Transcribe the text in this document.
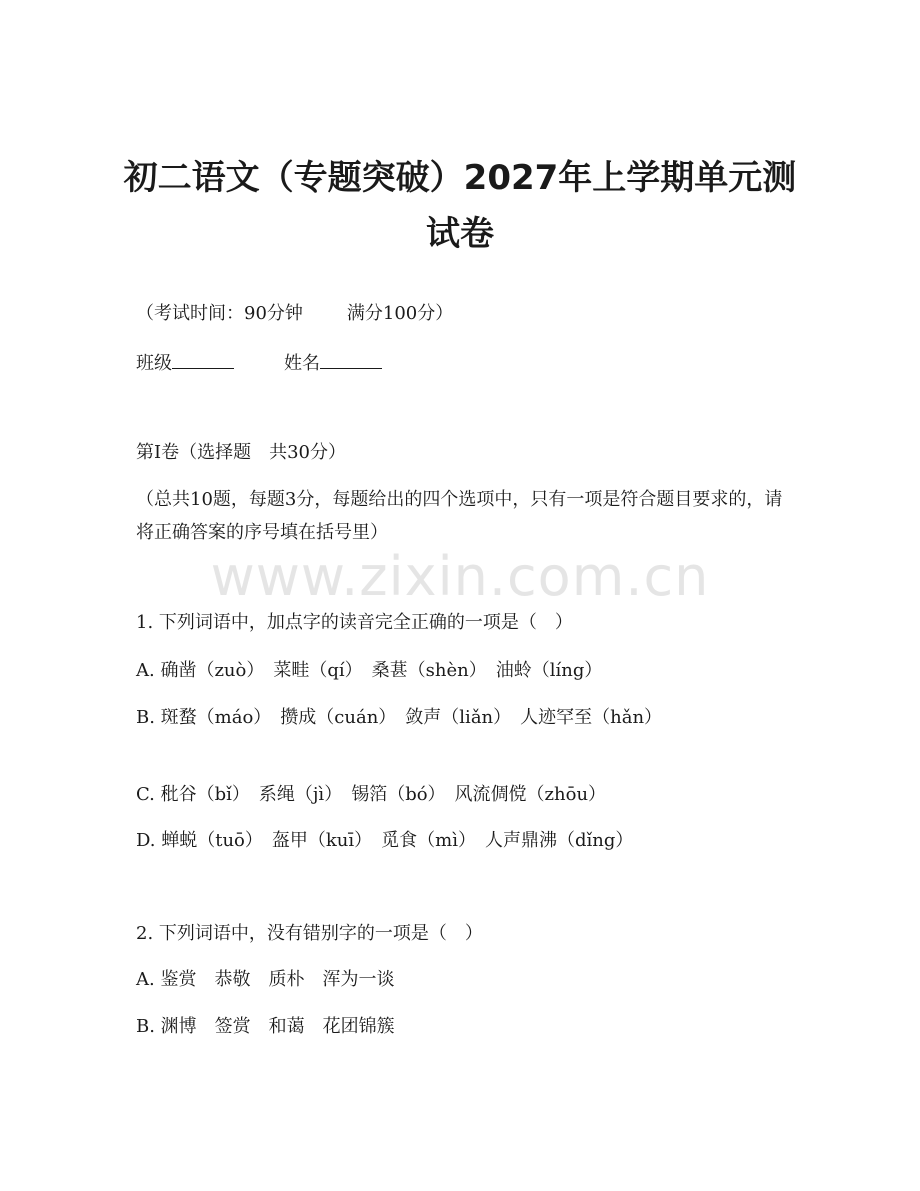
初二语文（专题突破）2027年上学期单元测
试卷
（考试时间：90分钟 满分100分）
班级	姓名
第Ⅰ卷（选择题　共30分）
（总共10题，每题3分，每题给出的四个选项中，只有一项是符合题目要求的，请将正确答案的序号填在括号里）
www.zixin.com.cn
1. 下列词语中，加点字的读音完全正确的一项是（　）
A. 确凿（zuò）　菜畦（qí）　桑葚（shèn）　油蛉（líng）
B. 斑蝥（máo）　攒成（cuán）　敛声（liǎn）　人迹罕至（hǎn）
C. 秕谷（bǐ）　系绳（jì）　锡箔（bó）　风流倜傥（zhōu）
D. 蝉蜕（tuō）　盔甲（kuī）　觅食（mì）　人声鼎沸（dǐng）
2. 下列词语中，没有错别字的一项是（　）
A. 鉴赏　恭敬　质朴　浑为一谈
B. 渊博　签赏　和蔼　花团锦簇
